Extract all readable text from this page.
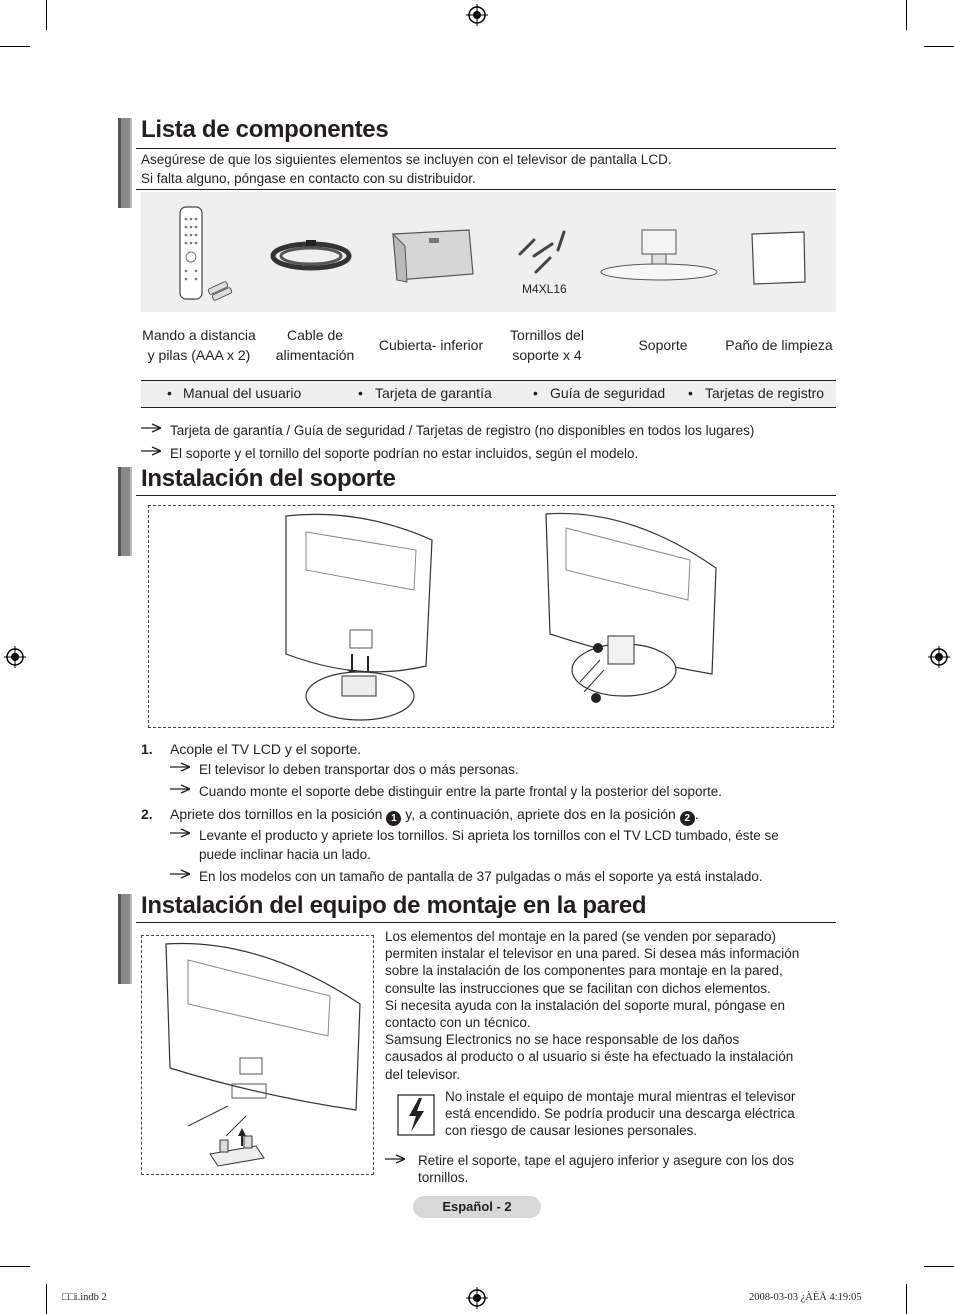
Lista de componentes
Asegúrese de que los siguientes elementos se incluyen con el televisor de pantalla LCD.
Si falta alguno, póngase en contacto con su distribuidor.
M4XL16
Mando a distancia y pilas (AAA x 2)
Cable de alimentación
Cubierta- inferior
Tornillos del soporte x 4
Soporte	Paño de limpieza
• Manual del usuario	• Tarjeta de garantía	• Guía de seguridad • Tarjetas de registro
Tarjeta de garantía / Guía de seguridad / Tarjetas de registro (no disponibles en todos los lugares)
El soporte y el tornillo del soporte podrían no estar incluidos, según el modelo.
Instalación del soporte
1. Acople el TV LCD y el soporte.
El televisor lo deben transportar dos o más personas.
Cuando monte el soporte debe distinguir entre la parte frontal y la posterior del soporte.
2. Apriete dos tornillos en la posición 1 y, a continuación, apriete dos en la posición 2 .
Levante el producto y apriete los tornillos. Si aprieta los tornillos con el TV LCD tumbado, éste se
puede inclinar hacia un lado.
En los modelos con un tamaño de pantalla de 37 pulgadas o más el soporte ya está instalado.
Instalación del equipo de montaje en la pared
Los elementos del montaje en la pared (se venden por separado)
permiten instalar el televisor en una pared. Si desea más información
sobre la instalación de los componentes para montaje en la pared,
consulte las instrucciones que se facilitan con dichos elementos.
Si necesita ayuda con la instalación del soporte mural, póngase en
contacto con un técnico.
Samsung Electronics no se hace responsable de los daños
causados al producto o al usuario si éste ha efectuado la instalación
del televisor.
No instale el equipo de montaje mural mientras el televisor
está encendido. Se podría producir una descarga eléctrica
con riesgo de causar lesiones personales.
Retire el soporte, tape el agujero inferior y asegure con los dos
tornillos.
Español - 2
□□i.indb 2	2008-03-03 ¿ÀÈÄ 4:19:05
